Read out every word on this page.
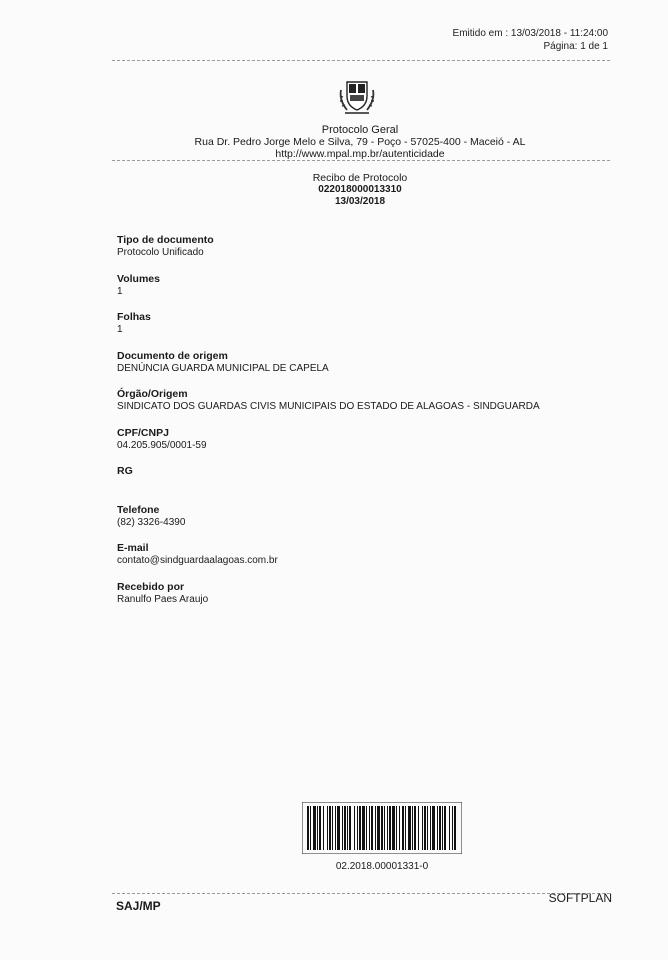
Emitido em : 13/03/2018 - 11:24:00
Página: 1 de 1
Protocolo Geral
Rua Dr. Pedro Jorge Melo e Silva, 79 - Poço - 57025-400 - Maceió - AL
http://www.mpal.mp.br/autenticidade
Recibo de Protocolo
022018000013310
13/03/2018
Tipo de documento
Protocolo Unificado
Volumes
1
Folhas
1
Documento de origem
DENÚNCIA GUARDA MUNICIPAL DE CAPELA
Órgão/Origem
SINDICATO DOS GUARDAS CIVIS MUNICIPAIS DO ESTADO DE ALAGOAS - SINDGUARDA
CPF/CNPJ
04.205.905/0001-59
RG
Telefone
(82) 3326-4390
E-mail
contato@sindguardaalagoas.com.br
Recebido por
Ranulfo Paes Araujo
02.2018.00001331-0
SAJ/MP
SOFTPLAN
